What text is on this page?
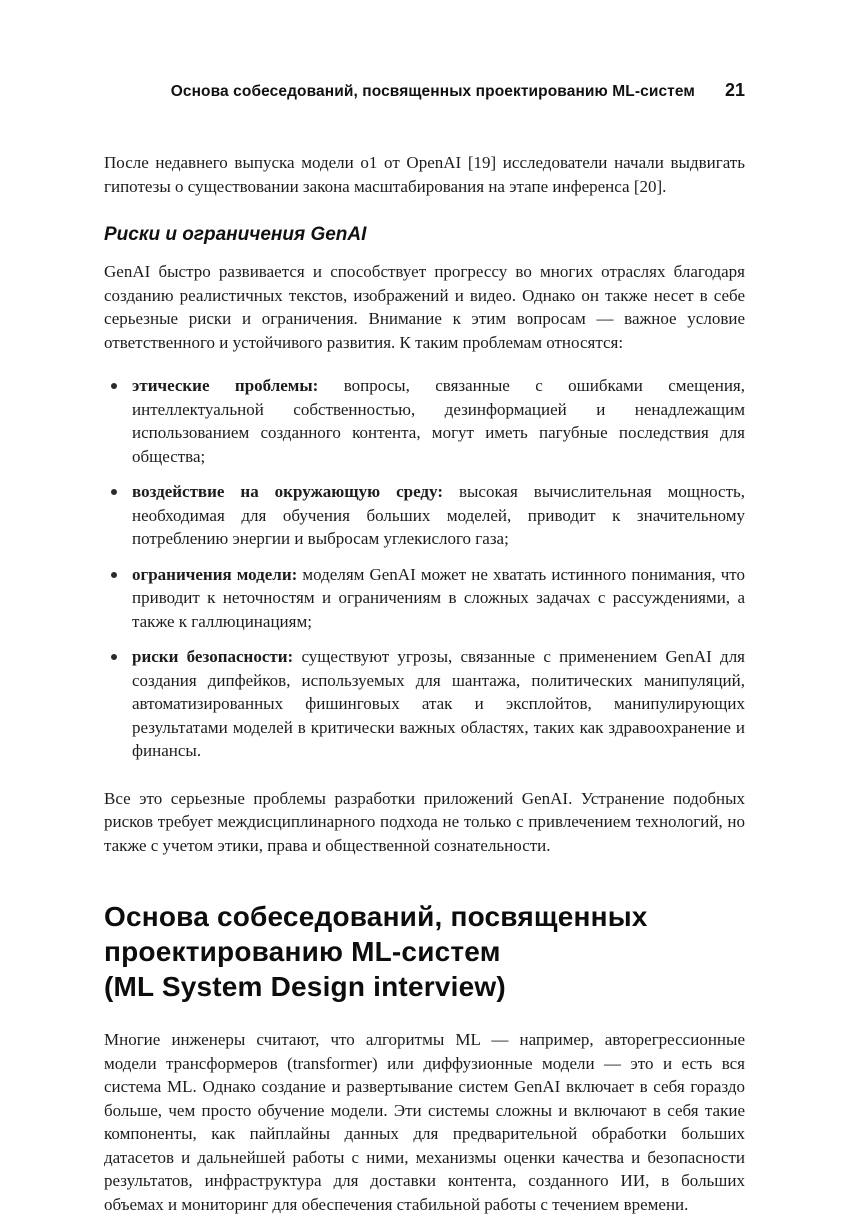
Основа собеседований, посвященных проектированию ML-систем 21

После недавнего выпуска модели o1 от OpenAI [19] исследователи начали выдвигать гипотезы о существовании закона масштабирования на этапе инференса [20].

Риски и ограничения GenAI

GenAI быстро развивается и способствует прогрессу во многих отраслях благодаря созданию реалистичных текстов, изображений и видео. Однако он также несет в себе серьезные риски и ограничения. Внимание к этим вопросам — важное условие ответственного и устойчивого развития. К таким проблемам относятся:

этические проблемы: вопросы, связанные с ошибками смещения, интеллектуальной собственностью, дезинформацией и ненадлежащим использованием созданного контента, могут иметь пагубные последствия для общества;
воздействие на окружающую среду: высокая вычислительная мощность, необходимая для обучения больших моделей, приводит к значительному потреблению энергии и выбросам углекислого газа;
ограничения модели: моделям GenAI может не хватать истинного понимания, что приводит к неточностям и ограничениям в сложных задачах с рассуждениями, а также к галлюцинациям;
риски безопасности: существуют угрозы, связанные с применением GenAI для создания дипфейков, используемых для шантажа, политических манипуляций, автоматизированных фишинговых атак и эксплойтов, манипулирующих результатами моделей в критически важных областях, таких как здравоохранение и финансы.

Все это серьезные проблемы разработки приложений GenAI. Устранение подобных рисков требует междисциплинарного подхода не только с привлечением технологий, но также с учетом этики, права и общественной сознательности.

Основа собеседований, посвященных
проектированию ML-систем
(ML System Design interview)

Многие инженеры считают, что алгоритмы ML — например, авторегрессионные модели трансформеров (transformer) или диффузионные модели — это и есть вся система ML. Однако создание и развертывание систем GenAI включает в себя гораздо больше, чем просто обучение модели. Эти системы сложны и включают в себя такие компоненты, как пайплайны данных для предварительной обработки больших датасетов и дальнейшей работы с ними, механизмы оценки качества и безопасности результатов, инфраструктура для доставки контента, созданного ИИ, в больших объемах и мониторинг для обеспечения стабильной работы с течением времени.
